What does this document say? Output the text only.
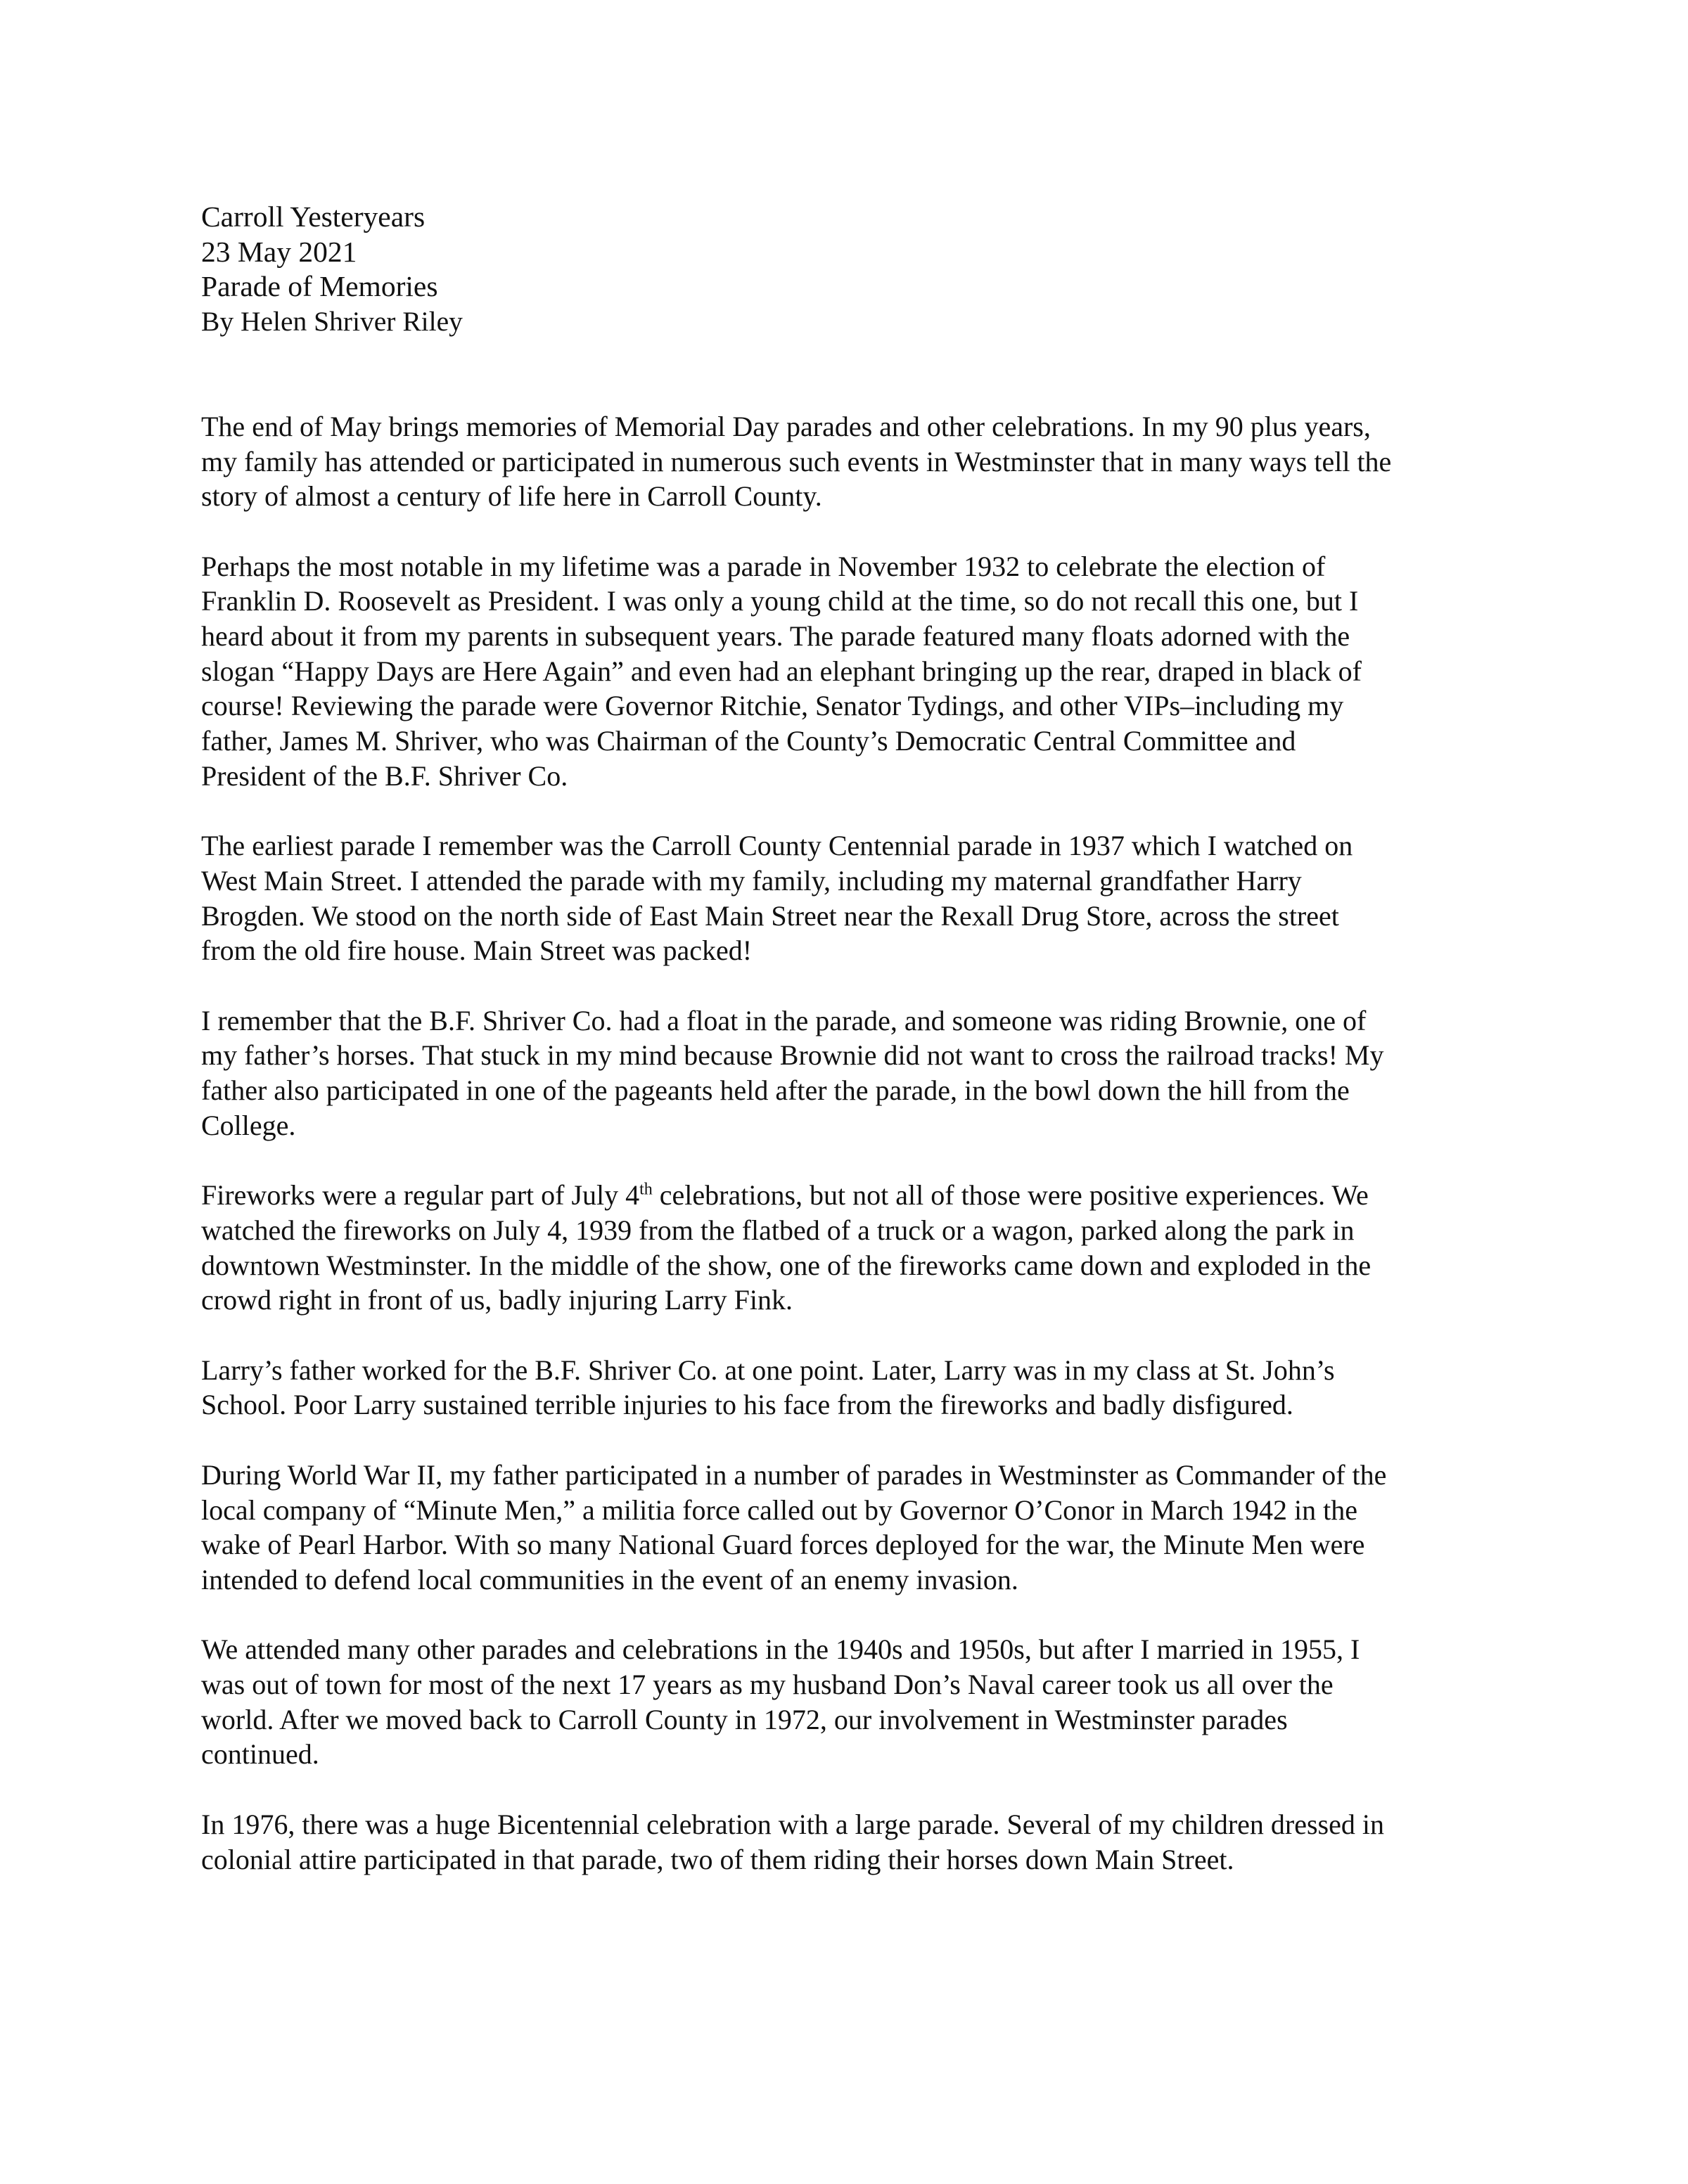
Carroll Yesteryears
23 May 2021
Parade of Memories
By Helen Shriver Riley
The end of May brings memories of Memorial Day parades and other celebrations. In my 90 plus years,
my family has attended or participated in numerous such events in Westminster that in many ways tell the
story of almost a century of life here in Carroll County.
Perhaps the most notable in my lifetime was a parade in November 1932 to celebrate the election of
Franklin D. Roosevelt as President. I was only a young child at the time, so do not recall this one, but I
heard about it from my parents in subsequent years. The parade featured many floats adorned with the
slogan “Happy Days are Here Again” and even had an elephant bringing up the rear, draped in black of
course! Reviewing the parade were Governor Ritchie, Senator Tydings, and other VIPs–including my
father, James M. Shriver, who was Chairman of the County’s Democratic Central Committee and
President of the B.F. Shriver Co.
The earliest parade I remember was the Carroll County Centennial parade in 1937 which I watched on
West Main Street. I attended the parade with my family, including my maternal grandfather Harry
Brogden. We stood on the north side of East Main Street near the Rexall Drug Store, across the street
from the old fire house. Main Street was packed!
I remember that the B.F. Shriver Co. had a float in the parade, and someone was riding Brownie, one of
my father’s horses. That stuck in my mind because Brownie did not want to cross the railroad tracks! My
father also participated in one of the pageants held after the parade, in the bowl down the hill from the
College.
Fireworks were a regular part of July 4th celebrations, but not all of those were positive experiences. We
watched the fireworks on July 4, 1939 from the flatbed of a truck or a wagon, parked along the park in
downtown Westminster. In the middle of the show, one of the fireworks came down and exploded in the
crowd right in front of us, badly injuring Larry Fink.
Larry’s father worked for the B.F. Shriver Co. at one point. Later, Larry was in my class at St. John’s
School. Poor Larry sustained terrible injuries to his face from the fireworks and badly disfigured.
During World War II, my father participated in a number of parades in Westminster as Commander of the
local company of “Minute Men,” a militia force called out by Governor O’Conor in March 1942 in the
wake of Pearl Harbor. With so many National Guard forces deployed for the war, the Minute Men were
intended to defend local communities in the event of an enemy invasion.
We attended many other parades and celebrations in the 1940s and 1950s, but after I married in 1955, I
was out of town for most of the next 17 years as my husband Don’s Naval career took us all over the
world. After we moved back to Carroll County in 1972, our involvement in Westminster parades
continued.
In 1976, there was a huge Bicentennial celebration with a large parade. Several of my children dressed in
colonial attire participated in that parade, two of them riding their horses down Main Street.
